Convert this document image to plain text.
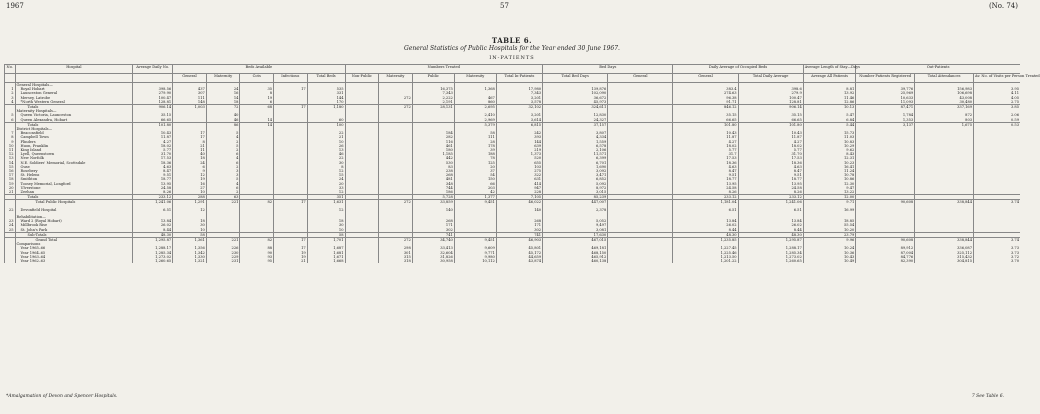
1967	57	(No. 74)
TABLE 6.
General Statistics of Public Hospitals for the Year ended 30 June 1967.
IN-PATIENTS
No.	Hospital	Average Daily No.	Beds Available					Numbers Treated					Bed Days		Daily Average of Occupied Beds		Average Length of Stay—Days	Out-Patients		
			General	Maternity	Cots	Infectious	Total Beds	Non-Public	Maternity	Public	Maternity	Total In-Patients	Total Bed Days	General	General	Total Daily Average	Average All Patients	Number Patients Registered	Total Attendances	Av. No. of Visits per Person Treated
	General Hospitals—																			
1	Royal Hobart	398.56	437	24	35	17	535			16,375	1,368	17,980	139,876		383.4	398.6	8.81	39,776	156,983	3.95
2	Launceston General	279.90	307	16	8		331			7,343		7,343	102,090		274.63	279.9	13.92	25,969	106,698	4.11
3	Mersey, Latrobe	100.47	111	14	19		144		272	2,222	467	3,201	36,672		96.38	100.47	11.46	10,633	43,008	4.05
4	*North Western General	128.81	148	18	6		170			2,191	860	3,578	45,973		91.71	128.81	12.86	11,093	30,480	2.75
	Totals	906.14	1,003	72	68	17	1,180		272	28,131	2,695	32,102	324,611		846.12	906.14	10.13	87,471	337,169	3.85
	Maternity Hospitals—																			
5	Queen Victoria, Launceston	35.15		40							2,410	3,201	12,830		35.15	35.15	5.47	1,784	872	2.06
6	Queen Alexandra, Hobart	66.65		46	14		60				2,969	3,614	24,327		66.65	66.65	6.84	1,353	803	0.59
	Totals	101.80		86	14		100				5,379	6,815	37,157		101.80	101.80	5.44	3,137	1,675	0.53
	District Hospitals—																			
7	Beaconsfield	10.43	17	5			22			184	58	242	3,807		10.43	10.43	15.73			
8	Campbell Town	11.87	17	4			21			282	111	393	4,334		11.87	11.87	11.03			
9	Flinders	4.27	8	2			10			116	28	144	1,559		4.27	4.27	10.83			
10	Huon, Franklin	18.02	21	5			26			461	178	639	6,578		18.02	18.02	10.29			
11	King Island	5.77	11	2			13			180	39	219	2,106		5.77	5.77	9.62			
12	Lyell, Queenstown	31.70	40	6			46			1,185	188	1,373	11,571		31.7	31.70	8.43			
13	New Norfolk	17.53	18	4			22			442	78	520	6,399		17.53	17.53	12.31			
14	N.E. Soldiers' Memorial, Scottsdale	18.36	24	6			30			530	125	655	6,701		18.36	18.36	10.23			
15	Ouse	4.63	6	2			8			83	20	103	1,690		4.63	4.63	16.41			
16	Rosebery	8.47	9	3			12			238	37	275	3,092		8.47	8.47	11.24			
17	St. Helens	9.51	12	3			15			268	54	322	3,471		9.51	9.51	10.78			
18	Smithton	18.77	19	5			24			481	150	631	6,852		18.77	18.77	10.86			
19	Toosey Memorial, Longford	13.95	16	4			20			348	66	414	5,092		13.95	13.95	12.30			
20	Ulverstone	24.58	27	6			33			744	203	947	8,972		24.58	24.58	9.47			
21	Zeehan	8.26	10	2			12			186	42	228	3,015		8.26	8.26	13.22			
	Totals	233.12	288	63			351			5,728	1,377	7,105	85,239		233.12	233.12	12.00			
	Total Public Hospitals	1,241.06	1,291	221	82	17	1,631		272	33,859	9,451	46,022	447,007		1,181.04	1,241.06	9.71	90,608	338,844	3.74

22	Devonfield Hospital	6.51	12				12			140		140	2,378		6.51	6.51	16.99			

	Rehabilitation—																			
23	Ward 2 (Royal Hobart)	13.84	18				18			268		268	5,052		13.84	13.84	18.85			
24	Millbrook Rise	26.02	30				30			171		171	9,497		26.02	26.02	55.54			
25	St. John's Park	8.44	10				10			302		302	3,081		8.44	8.44	10.20			
	Sub-Totals	48.30	58				58			741		741	17,630		48.30	48.30	23.79			
	Grand Total	1,295.87	1,361	221	82	17	1,701		272	34,740	9,451	46,903	467,015		1,235.85	1,295.87	9.96	90,608	338,844	3.74
	Comparisons																			
	Year 1965–66	1,288.17	1,356	226	88	17	1,687		298	33,413	9,609	45,801	469,181		1,227.45	1,288.17	10.24	89,912	336,087	3.73
	Year 1964–65	1,285.34	1,342	230	90	19	1,681		301	32,604	9,771	45,172	468,150		1,225.46	1,285.34	10.36	87,004	325,112	3.73
	Year 1963–64	1,273.02	1,330	229	93	19	1,671		315	31,826	9,980	44,659	465,912		1,213.50	1,273.02	10.43	84,776	315,432	3.72
	Year 1962–63	1,260.65	1,321	231	95	21	1,668		318	30,958	10,112	43,874	460,138		1,201.22	1,260.65	10.49	82,390	304,815	3.70
*Amalgamation of Devon and Spencer Hospitals.	7 See Table 6.
